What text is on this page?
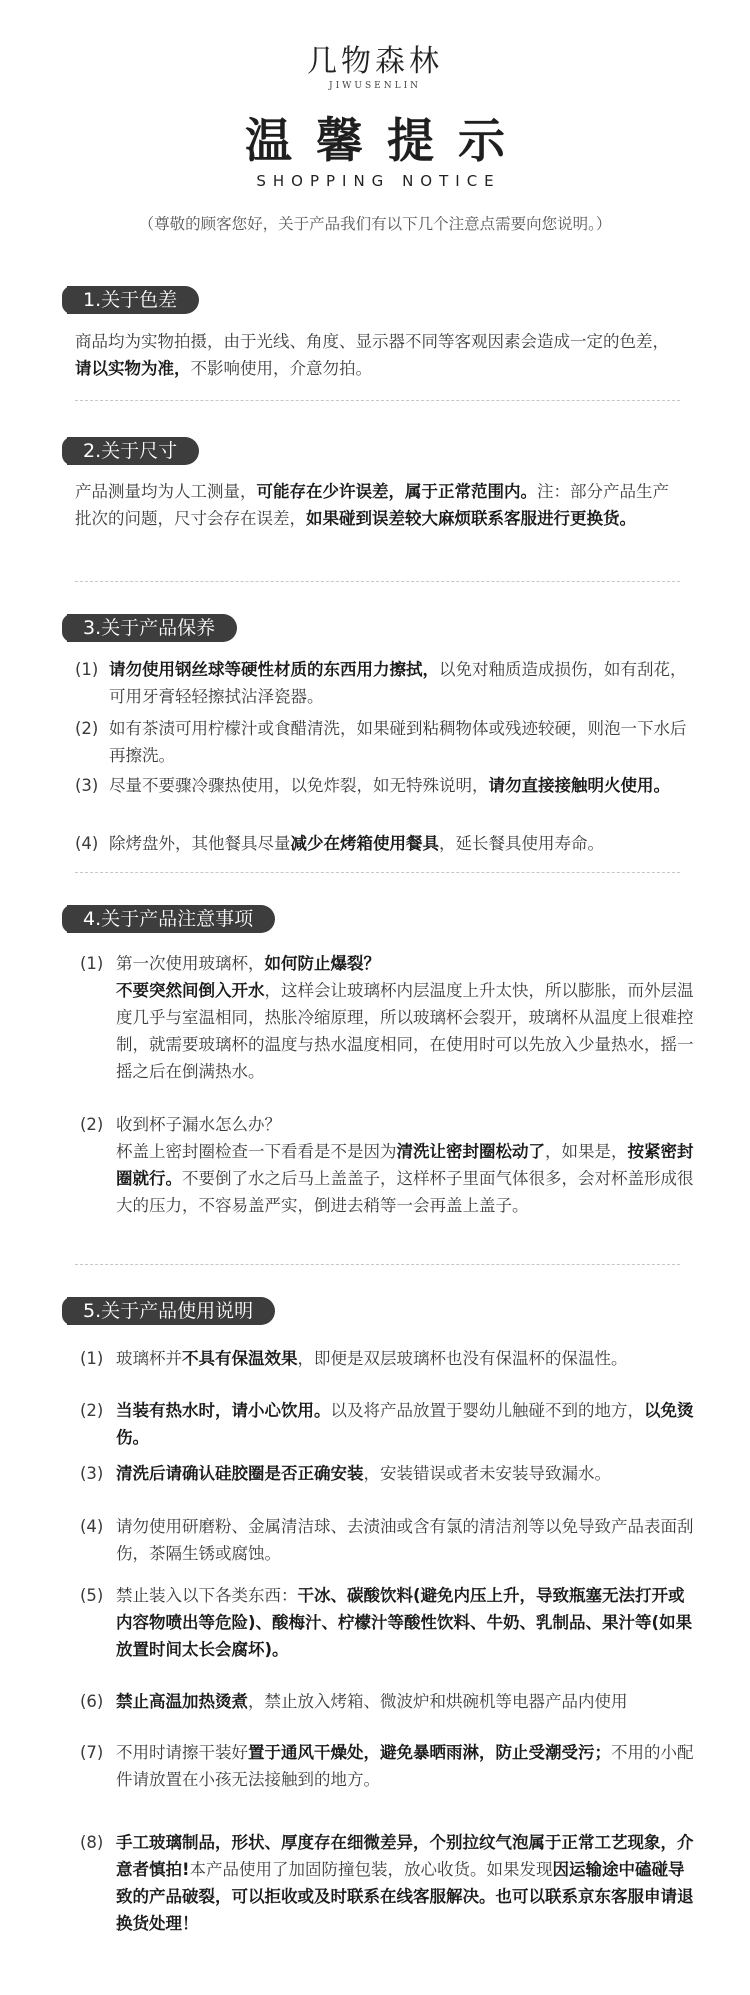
几物森林
JIWUSENLIN
温馨提示
SHOPPING NOTICE
（尊敬的顾客您好，关于产品我们有以下几个注意点需要向您说明。）
1.关于色差
商品均为实物拍摄，由于光线、角度、显示器不同等客观因素会造成一定的色差，请以实物为准，不影响使用，介意勿拍。
2.关于尺寸
产品测量均为人工测量，可能存在少许误差，属于正常范围内。注：部分产品生产批次的问题，尺寸会存在误差，如果碰到误差较大麻烦联系客服进行更换货。
3.关于产品保养
(1) 请勿使用钢丝球等硬性材质的东西用力擦拭，以免对釉质造成损伤，如有刮花，可用牙膏轻轻擦拭沾泽瓷器。
(2) 如有茶渍可用柠檬汁或食醋清洗，如果碰到粘稠物体或残迹较硬，则泡一下水后再擦洗。
(3) 尽量不要骤冷骤热使用，以免炸裂，如无特殊说明，请勿直接接触明火使用。
(4) 除烤盘外，其他餐具尽量减少在烤箱使用餐具，延长餐具使用寿命。
4.关于产品注意事项
(1) 第一次使用玻璃杯，如何防止爆裂？
不要突然间倒入开水，这样会让玻璃杯内层温度上升太快，所以膨胀，而外层温度几乎与室温相同，热胀冷缩原理，所以玻璃杯会裂开，玻璃杯从温度上很难控制，就需要玻璃杯的温度与热水温度相同，在使用时可以先放入少量热水，摇一摇之后在倒满热水。
(2) 收到杯子漏水怎么办？
杯盖上密封圈检查一下看看是不是因为清洗让密封圈松动了，如果是，按紧密封圈就行。不要倒了水之后马上盖盖子，这样杯子里面气体很多，会对杯盖形成很大的压力，不容易盖严实，倒进去稍等一会再盖上盖子。
5.关于产品使用说明
(1) 玻璃杯并不具有保温效果，即便是双层玻璃杯也没有保温杯的保温性。
(2) 当装有热水时，请小心饮用。以及将产品放置于婴幼儿触碰不到的地方，以免烫伤。
(3) 清洗后请确认硅胶圈是否正确安装，安装错误或者未安装导致漏水。
(4) 请勿使用研磨粉、金属清洁球、去渍油或含有氯的清洁剂等以免导致产品表面刮伤，茶隔生锈或腐蚀。
(5) 禁止装入以下各类东西：干冰、碳酸饮料(避免内压上升，导致瓶塞无法打开或内容物喷出等危险)、酸梅汁、柠檬汁等酸性饮料、牛奶、乳制品、果汁等(如果放置时间太长会腐坏)。
(6) 禁止高温加热烫煮，禁止放入烤箱、微波炉和烘碗机等电器产品内使用
(7) 不用时请擦干装好置于通风干燥处，避免暴晒雨淋，防止受潮受污；不用的小配件请放置在小孩无法接触到的地方。
(8) 手工玻璃制品，形状、厚度存在细微差异，个别拉纹气泡属于正常工艺现象，介意者慎拍!本产品使用了加固防撞包装，放心收货。如果发现因运输途中磕碰导致的产品破裂，可以拒收或及时联系在线客服解决。也可以联系京东客服申请退换货处理！
